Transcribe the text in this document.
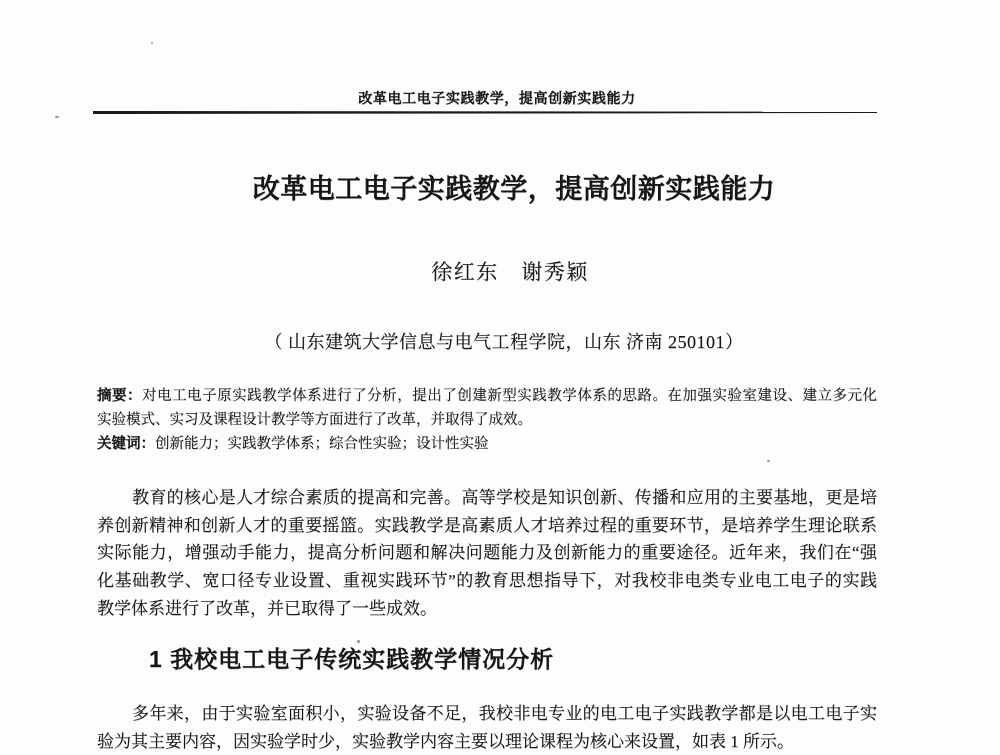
改革电工电子实践教学，提高创新实践能力
改革电工电子实践教学，提高创新实践能力
徐红东　谢秀颖
（ 山东建筑大学信息与电气工程学院，山东 济南 250101）
摘要：对电工电子原实践教学体系进行了分析，提出了创建新型实践教学体系的思路。在加强实验室建设、建立多元化
实验模式、实习及课程设计教学等方面进行了改革，并取得了成效。
关键词：创新能力；实践教学体系；综合性实验；设计性实验
教育的核心是人才综合素质的提高和完善。高等学校是知识创新、传播和应用的主要基地，更是培
养创新精神和创新人才的重要摇篮。实践教学是高素质人才培养过程的重要环节，是培养学生理论联系
实际能力，增强动手能力，提高分析问题和解决问题能力及创新能力的重要途径。近年来，我们在“强
化基础教学、宽口径专业设置、重视实践环节”的教育思想指导下，对我校非电类专业电工电子的实践
教学体系进行了改革，并已取得了一些成效。
1 我校电工电子传统实践教学情况分析
多年来，由于实验室面积小，实验设备不足，我校非电专业的电工电子实践教学都是以电工电子实
验为其主要内容，因实验学时少，实验教学内容主要以理论课程为核心来设置，如表 1 所示。
